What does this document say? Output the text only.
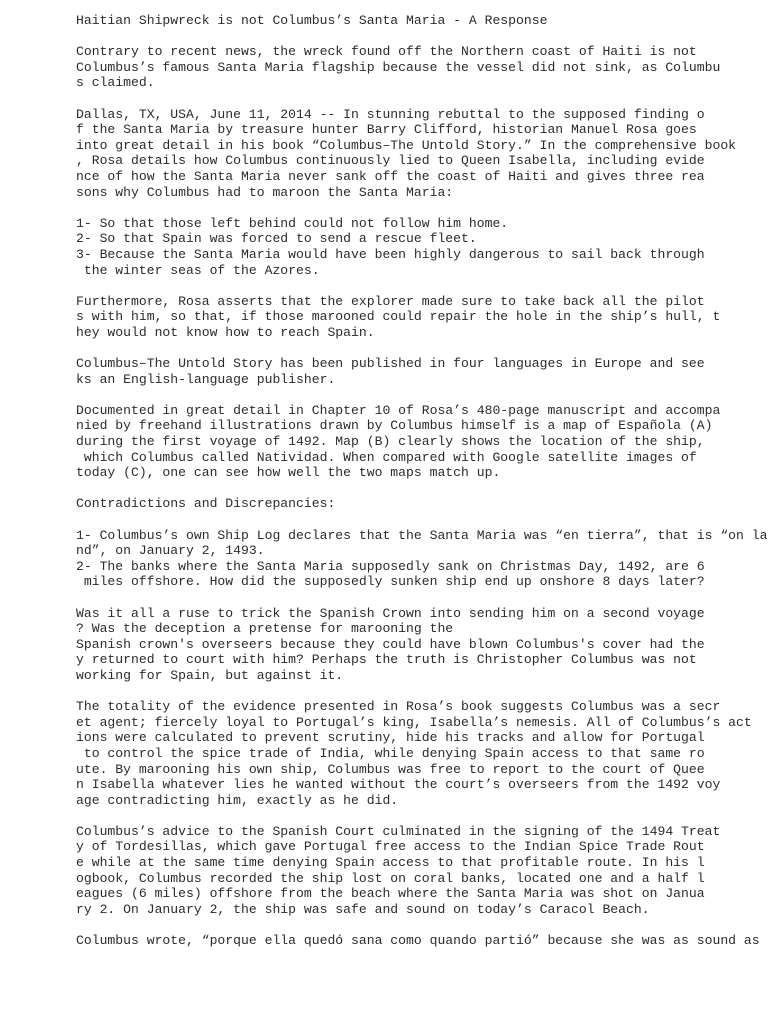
Haitian Shipwreck is not Columbus’s Santa Maria - A Response
Contrary to recent news, the wreck found off the Northern coast of Haiti is not
Columbus’s famous Santa Maria flagship because the vessel did not sink, as Columbu
s claimed.
Dallas, TX, USA, June 11, 2014 -- In stunning rebuttal to the supposed finding o
f the Santa Maria by treasure hunter Barry Clifford, historian Manuel Rosa goes
into great detail in his book “Columbus–The Untold Story.” In the comprehensive book
, Rosa details how Columbus continuously lied to Queen Isabella, including evide
nce of how the Santa Maria never sank off the coast of Haiti and gives three rea
sons why Columbus had to maroon the Santa Maria:
1- So that those left behind could not follow him home.
2- So that Spain was forced to send a rescue fleet.
3- Because the Santa Maria would have been highly dangerous to sail back through
the winter seas of the Azores.
Furthermore, Rosa asserts that the explorer made sure to take back all the pilot
s with him, so that, if those marooned could repair the hole in the ship’s hull, t
hey would not know how to reach Spain.
Columbus–The Untold Story has been published in four languages in Europe and see
ks an English-language publisher.
Documented in great detail in Chapter 10 of Rosa’s 480-page manuscript and accompa
nied by freehand illustrations drawn by Columbus himself is a map of Española (A)
during the first voyage of 1492. Map (B) clearly shows the location of the ship,
which Columbus called Natividad. When compared with Google satellite images of
today (C), one can see how well the two maps match up.
Contradictions and Discrepancies:
1- Columbus’s own Ship Log declares that the Santa Maria was “en tierra”, that is “on la
nd”, on January 2, 1493.
2- The banks where the Santa Maria supposedly sank on Christmas Day, 1492, are 6
miles offshore. How did the supposedly sunken ship end up onshore 8 days later?
Was it all a ruse to trick the Spanish Crown into sending him on a second voyage
? Was the deception a pretense for marooning the
Spanish crown's overseers because they could have blown Columbus's cover had the
y returned to court with him? Perhaps the truth is Christopher Columbus was not
working for Spain, but against it.
The totality of the evidence presented in Rosa’s book suggests Columbus was a secr
et agent; fiercely loyal to Portugal’s king, Isabella’s nemesis. All of Columbus’s act
ions were calculated to prevent scrutiny, hide his tracks and allow for Portugal
to control the spice trade of India, while denying Spain access to that same ro
ute. By marooning his own ship, Columbus was free to report to the court of Quee
n Isabella whatever lies he wanted without the court’s overseers from the 1492 voy
age contradicting him, exactly as he did.
Columbus’s advice to the Spanish Court culminated in the signing of the 1494 Treat
y of Tordesillas, which gave Portugal free access to the Indian Spice Trade Rout
e while at the same time denying Spain access to that profitable route. In his l
ogbook, Columbus recorded the ship lost on coral banks, located one and a half l
eagues (6 miles) offshore from the beach where the Santa Maria was shot on Janua
ry 2. On January 2, the ship was safe and sound on today’s Caracol Beach.
Columbus wrote, “porque ella quedó sana como quando partió” because she was as sound as
